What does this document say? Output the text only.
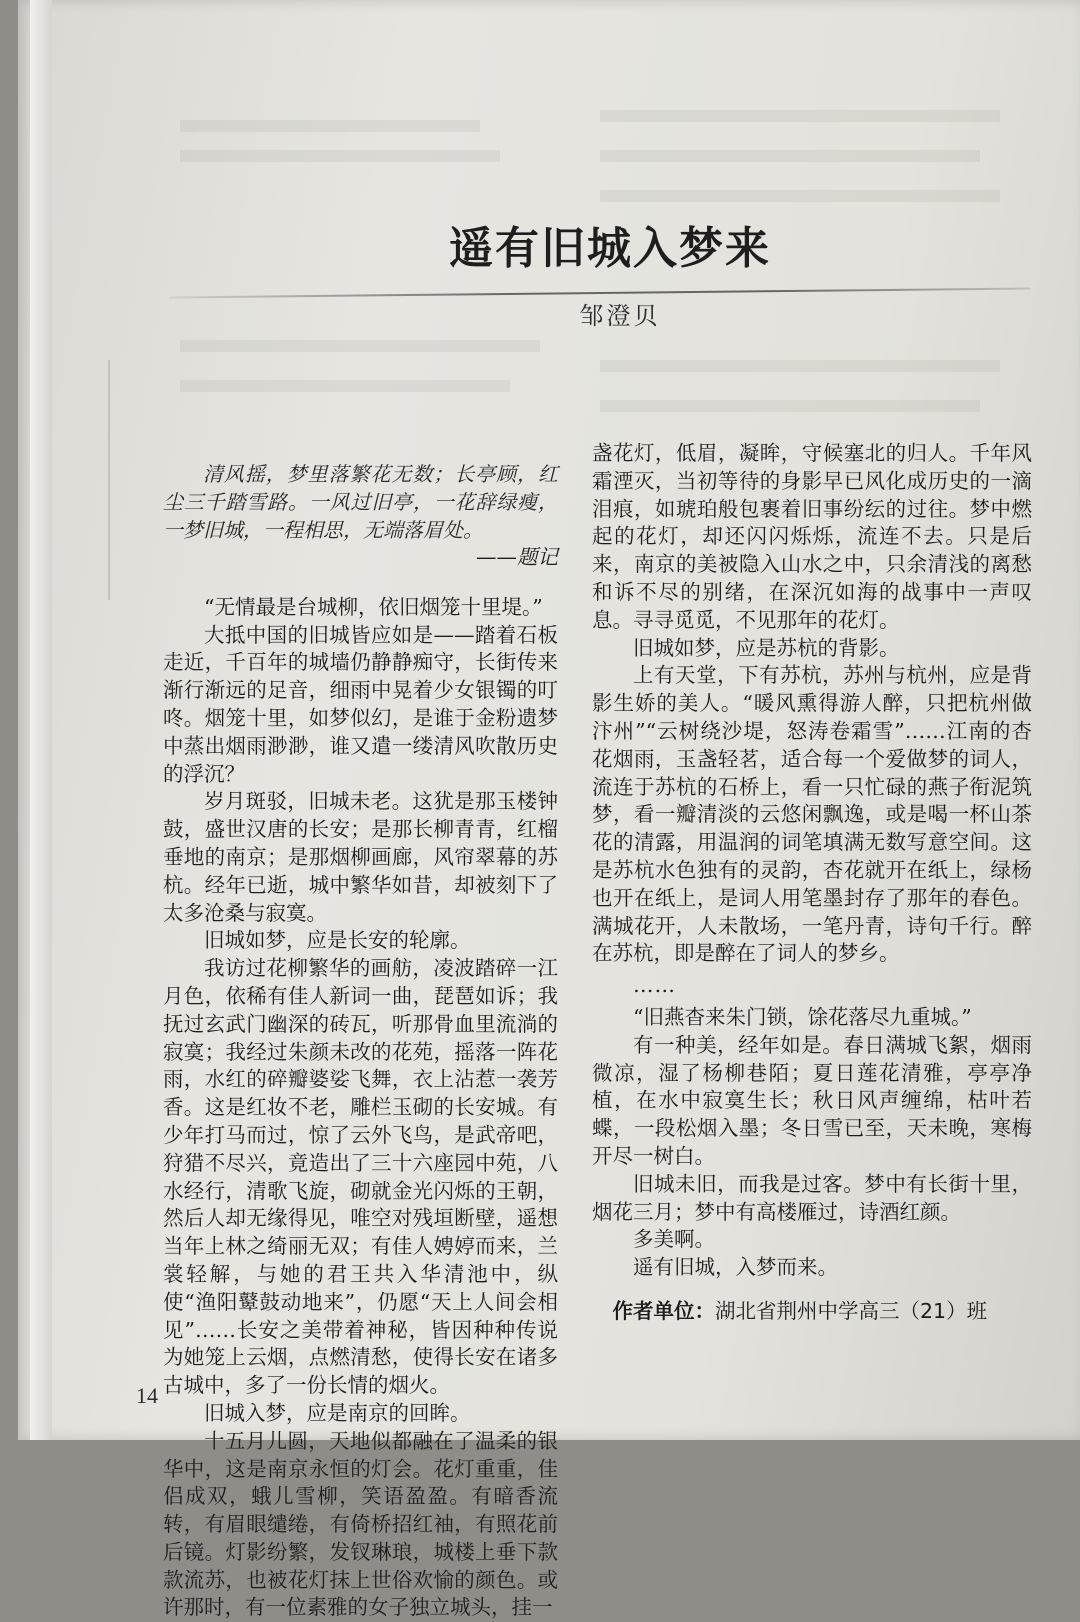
遥有旧城入梦来
邹澄贝

清风摇，梦里落繁花无数；长亭顾，红尘三千踏雪路。一风过旧亭，一花辞绿瘦，一梦旧城，一程相思，无端落眉处。

——题记

“无情最是台城柳，依旧烟笼十里堤。”

大抵中国的旧城皆应如是——踏着石板走近，千百年的城墙仍静静痴守，长街传来渐行渐远的足音，细雨中晃着少女银镯的叮咚。烟笼十里，如梦似幻，是谁于金粉遗梦中蒸出烟雨渺渺，谁又遣一缕清风吹散历史的浮沉？

岁月斑驳，旧城未老。这犹是那玉楼钟鼓，盛世汉唐的长安；是那长柳青青，红榴垂地的南京；是那烟柳画廊，风帘翠幕的苏杭。经年已逝，城中繁华如昔，却被刻下了太多沧桑与寂寞。

旧城如梦，应是长安的轮廓。

我访过花柳繁华的画舫，凌波踏碎一江月色，依稀有佳人新词一曲，琵琶如诉；我抚过玄武门幽深的砖瓦，听那骨血里流淌的寂寞；我经过朱颜未改的花苑，摇落一阵花雨，水红的碎瓣婆娑飞舞，衣上沾惹一袭芳香。这是红妆不老，雕栏玉砌的长安城。有少年打马而过，惊了云外飞鸟，是武帝吧，狩猎不尽兴，竟造出了三十六座园中苑，八水经行，清歌飞旋，砌就金光闪烁的王朝，然后人却无缘得见，唯空对残垣断壁，遥想当年上林之绮丽无双；有佳人娉婷而来，兰裳轻解，与她的君王共入华清池中，纵使“渔阳鼙鼓动地来”，仍愿“天上人间会相见”……长安之美带着神秘，皆因种种传说为她笼上云烟，点燃清愁，使得长安在诸多古城中，多了一份长情的烟火。

旧城入梦，应是南京的回眸。

十五月儿圆，天地似都融在了温柔的银华中，这是南京永恒的灯会。花灯重重，佳侣成双，蛾儿雪柳，笑语盈盈。有暗香流转，有眉眼缱绻，有倚桥招红袖，有照花前后镜。灯影纷繁，发钗琳琅，城楼上垂下款款流苏，也被花灯抹上世俗欢愉的颜色。或许那时，有一位素雅的女子独立城头，挂一

盏花灯，低眉，凝眸，守候塞北的归人。千年风霜湮灭，当初等待的身影早已风化成历史的一滴泪痕，如琥珀般包裹着旧事纷纭的过往。梦中燃起的花灯，却还闪闪烁烁，流连不去。只是后来，南京的美被隐入山水之中，只余清浅的离愁和诉不尽的别绪，在深沉如海的战事中一声叹息。寻寻觅觅，不见那年的花灯。

旧城如梦，应是苏杭的背影。

上有天堂，下有苏杭，苏州与杭州，应是背影生娇的美人。“暖风熏得游人醉，只把杭州做汴州”“云树绕沙堤，怒涛卷霜雪”……江南的杏花烟雨，玉盏轻茗，适合每一个爱做梦的词人，流连于苏杭的石桥上，看一只忙碌的燕子衔泥筑梦，看一瓣清淡的云悠闲飘逸，或是喝一杯山茶花的清露，用温润的词笔填满无数写意空间。这是苏杭水色独有的灵韵，杏花就开在纸上，绿杨也开在纸上，是词人用笔墨封存了那年的春色。满城花开，人未散场，一笔丹青，诗句千行。醉在苏杭，即是醉在了词人的梦乡。

……

“旧燕杳来朱门锁，馀花落尽九重城。”

有一种美，经年如是。春日满城飞絮，烟雨微凉，湿了杨柳巷陌；夏日莲花清雅，亭亭净植，在水中寂寞生长；秋日风声缠绵，枯叶若蝶，一段松烟入墨；冬日雪已至，天未晚，寒梅开尽一树白。

旧城未旧，而我是过客。梦中有长街十里，烟花三月；梦中有高楼雁过，诗酒红颜。

多美啊。

遥有旧城，入梦而来。

作者单位：湖北省荆州中学高三（21）班

14
